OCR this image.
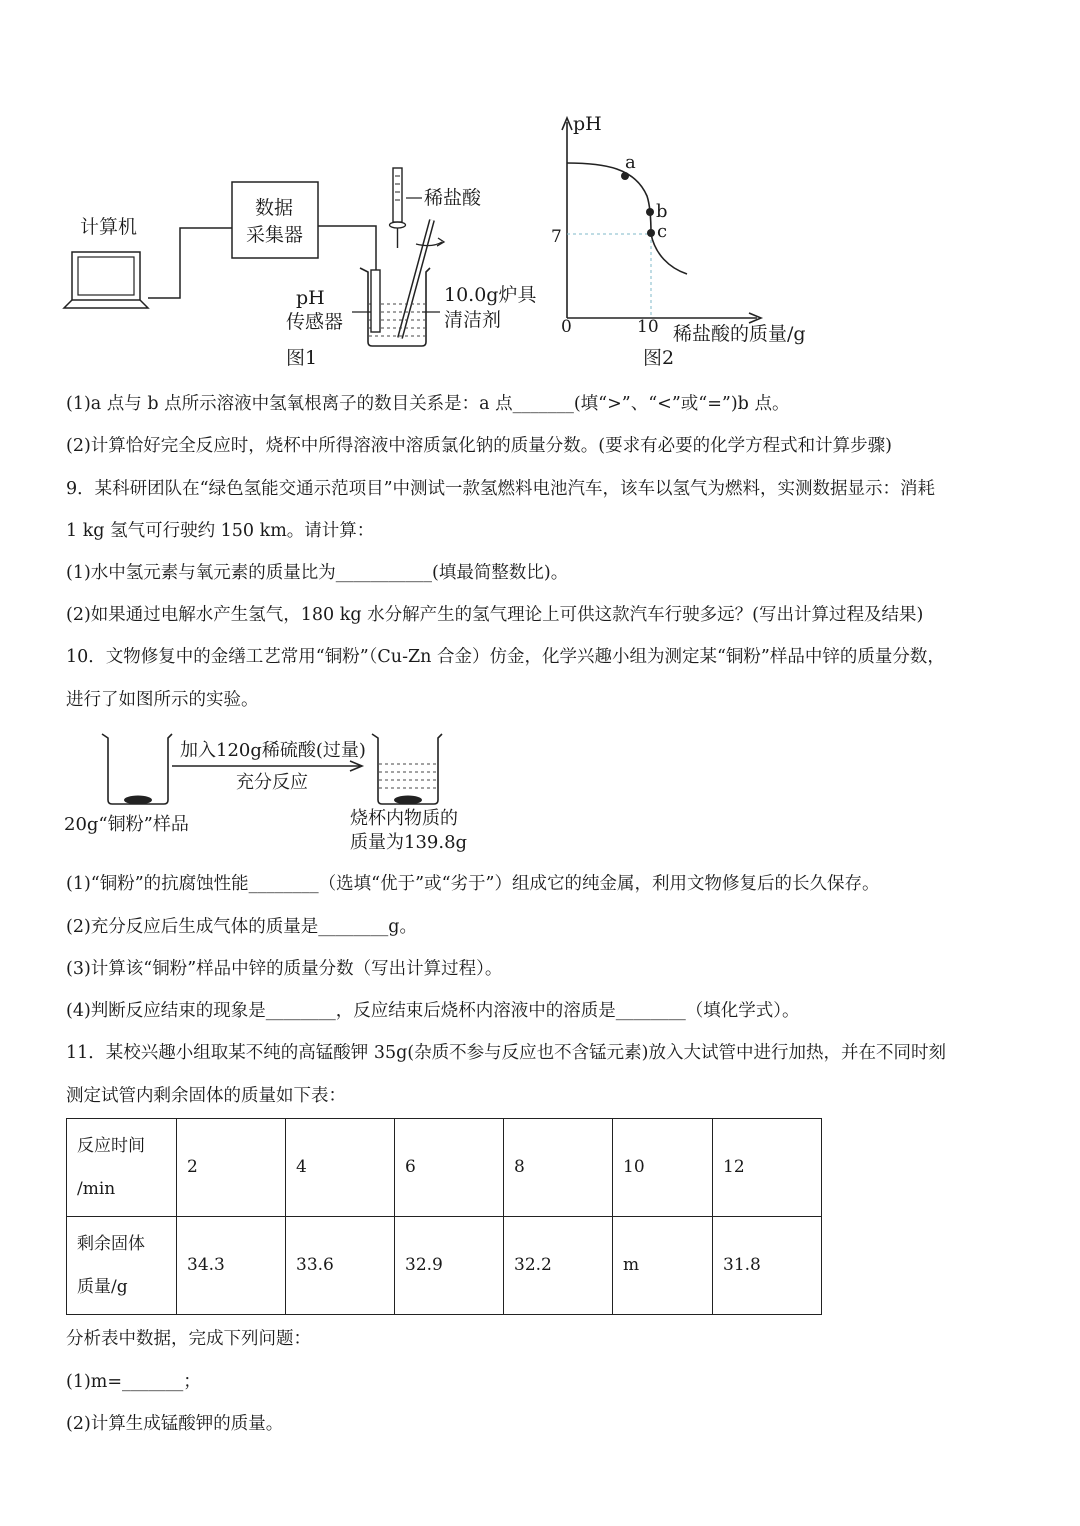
计算机
数据
采集器
稀盐酸
pH
传感器
10.0g炉具
清洁剂
图1
pH
稀盐酸的质量/g
0	10
7
a
b
c
图2
(1)a 点与 b 点所示溶液中氢氧根离子的数目关系是：a 点_______(填“>”、“<”或“=”)b 点。
(2)计算恰好完全反应时，烧杯中所得溶液中溶质氯化钠的质量分数。(要求有必要的化学方程式和计算步骤)
9．某科研团队在“绿色氢能交通示范项目”中测试一款氢燃料电池汽车，该车以氢气为燃料，实测数据显示：消耗
1 kg 氢气可行驶约 150 km。请计算：
(1)水中氢元素与氧元素的质量比为___________(填最简整数比)。
(2)如果通过电解水产生氢气，180 kg 水分解产生的氢气理论上可供这款汽车行驶多远？(写出计算过程及结果)
10．文物修复中的金缮工艺常用“铜粉”（Cu-Zn 合金）仿金，化学兴趣小组为测定某“铜粉”样品中锌的质量分数，
进行了如图所示的实验。
20g“铜粉”样品
加入120g稀硫酸(过量)
充分反应
烧杯内物质的
质量为139.8g
(1)“铜粉”的抗腐蚀性能________（选填“优于”或“劣于”）组成它的纯金属，利用文物修复后的长久保存。
(2)充分反应后生成气体的质量是________g。
(3)计算该“铜粉”样品中锌的质量分数（写出计算过程）。
(4)判断反应结束的现象是________，反应结束后烧杯内溶液中的溶质是________（填化学式）。
11．某校兴趣小组取某不纯的高锰酸钾 35g(杂质不参与反应也不含锰元素)放入大试管中进行加热，并在不同时刻
测定试管内剩余固体的质量如下表：
反应时间
/min	2	4	6	8	10	12

剩余固体
质量/g	34.3	33.6	32.9	32.2	m	31.8
分析表中数据，完成下列问题：
(1)m=_______；
(2)计算生成锰酸钾的质量。
